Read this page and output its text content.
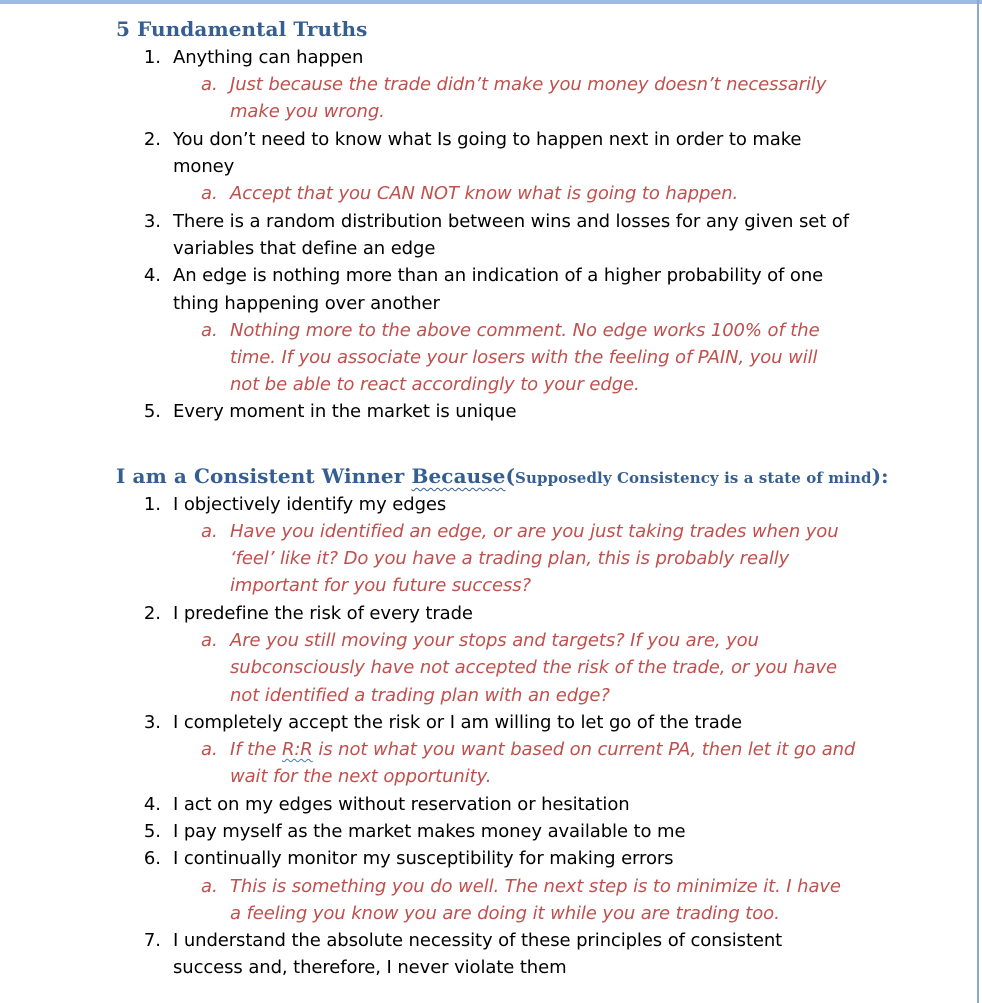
5 Fundamental Truths
1. Anything can happen
a. Just because the trade didn’t make you money doesn’t necessarily
make you wrong.
2. You don’t need to know what Is going to happen next in order to make
money
a. Accept that you CAN NOT know what is going to happen.
3. There is a random distribution between wins and losses for any given set of
variables that define an edge
4. An edge is nothing more than an indication of a higher probability of one
thing happening over another
a. Nothing more to the above comment. No edge works 100% of the
time. If you associate your losers with the feeling of PAIN, you will
not be able to react accordingly to your edge.
5. Every moment in the market is unique
I am a Consistent Winner Because(Supposedly Consistency is a state of mind):
1. I objectively identify my edges
a. Have you identified an edge, or are you just taking trades when you
‘feel’ like it? Do you have a trading plan, this is probably really
important for you future success?
2. I predefine the risk of every trade
a. Are you still moving your stops and targets? If you are, you
subconsciously have not accepted the risk of the trade, or you have
not identified a trading plan with an edge?
3. I completely accept the risk or I am willing to let go of the trade
a. If the R:R is not what you want based on current PA, then let it go and
wait for the next opportunity.
4. I act on my edges without reservation or hesitation
5. I pay myself as the market makes money available to me
6. I continually monitor my susceptibility for making errors
a. This is something you do well. The next step is to minimize it. I have
a feeling you know you are doing it while you are trading too.
7. I understand the absolute necessity of these principles of consistent
success and, therefore, I never violate them
